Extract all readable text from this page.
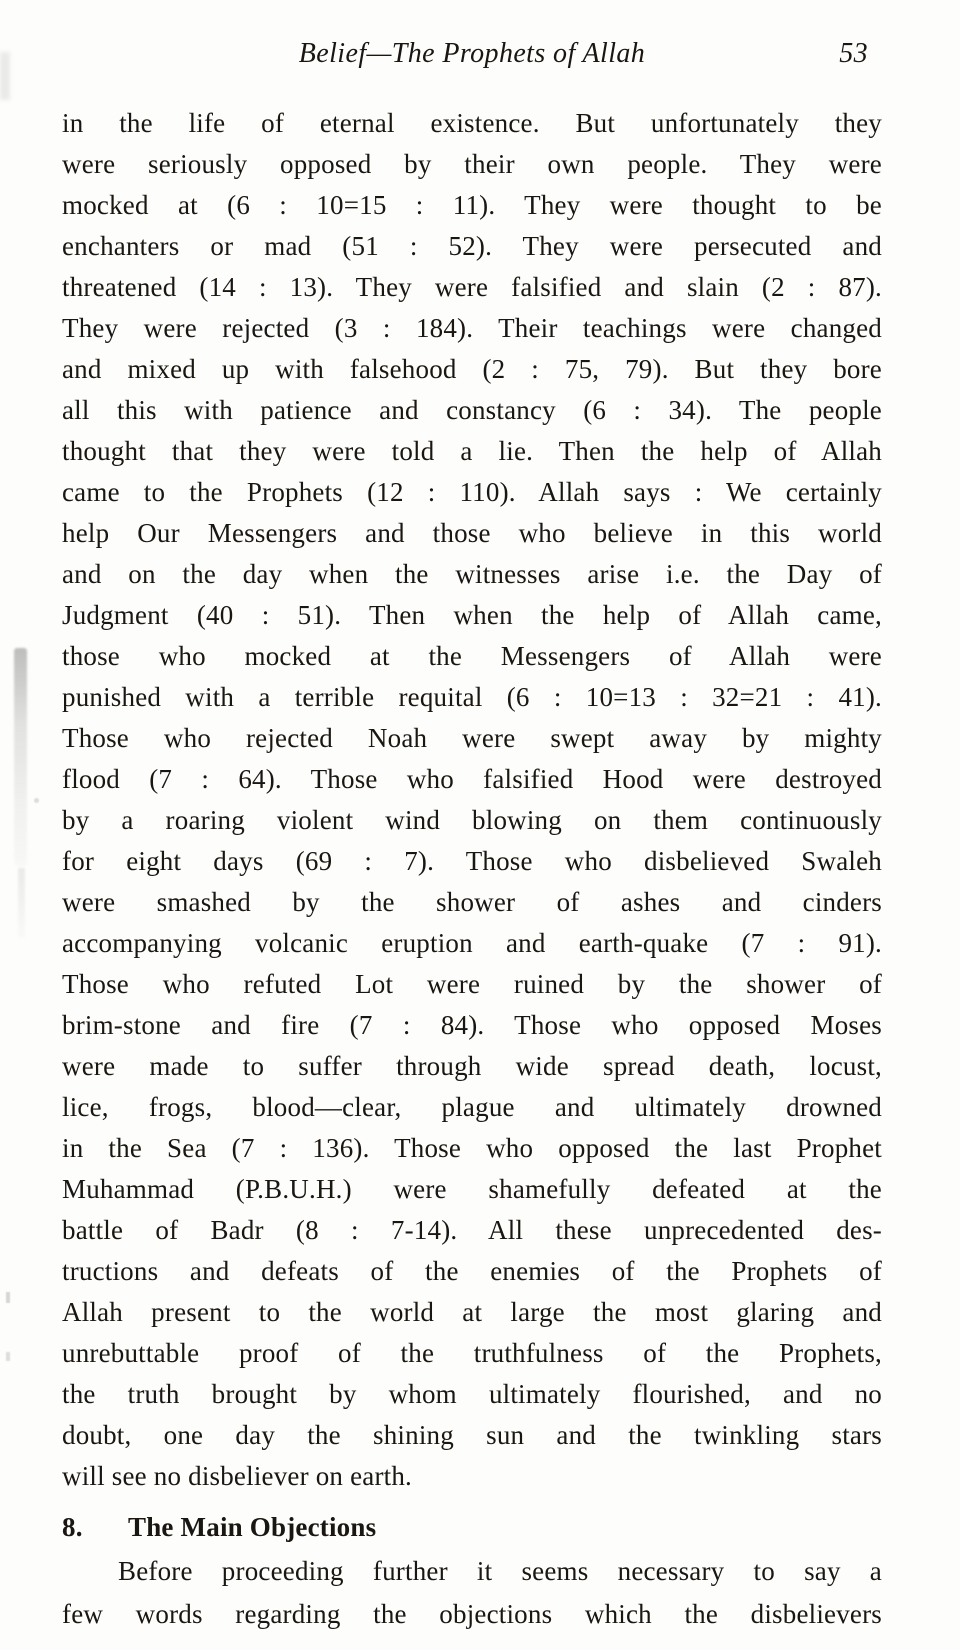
Belief—The Prophets of Allah	53
in the life of eternal existence. But unfortunately they
were seriously opposed by their own people. They were
mocked at (6 : 10=15 : 11). They were thought to be
enchanters or mad (51 : 52). They were persecuted and
threatened (14 : 13). They were falsified and slain (2 : 87).
They were rejected (3 : 184). Their teachings were changed
and mixed up with falsehood (2 : 75, 79). But they bore
all this with patience and constancy (6 : 34). The people
thought that they were told a lie. Then the help of Allah
came to the Prophets (12 : 110). Allah says : We certainly
help Our Messengers and those who believe in this world
and on the day when the witnesses arise i.e. the Day of
Judgment (40 : 51). Then when the help of Allah came,
those who mocked at the Messengers of Allah were
punished with a terrible requital (6 : 10=13 : 32=21 : 41).
Those who rejected Noah were swept away by mighty
flood (7 : 64). Those who falsified Hood were destroyed
by a roaring violent wind blowing on them continuously
for eight days (69 : 7). Those who disbelieved Swaleh
were smashed by the shower of ashes and cinders
accompanying volcanic eruption and earth-quake (7 : 91).
Those who refuted Lot were ruined by the shower of
brim-stone and fire (7 : 84). Those who opposed Moses
were made to suffer through wide spread death, locust,
lice, frogs, blood—clear, plague and ultimately drowned
in the Sea (7 : 136). Those who opposed the last Prophet
Muhammad (P.B.U.H.) were shamefully defeated at the
battle of Badr (8 : 7-14). All these unprecedented des-
tructions and defeats of the enemies of the Prophets of
Allah present to the world at large the most glaring and
unrebuttable proof of the truthfulness of the Prophets,
the truth brought by whom ultimately flourished, and no
doubt, one day the shining sun and the twinkling stars
will see no disbeliever on earth.
8. The Main Objections
Before proceeding further it seems necessary to say a
few words regarding the objections which the disbelievers
